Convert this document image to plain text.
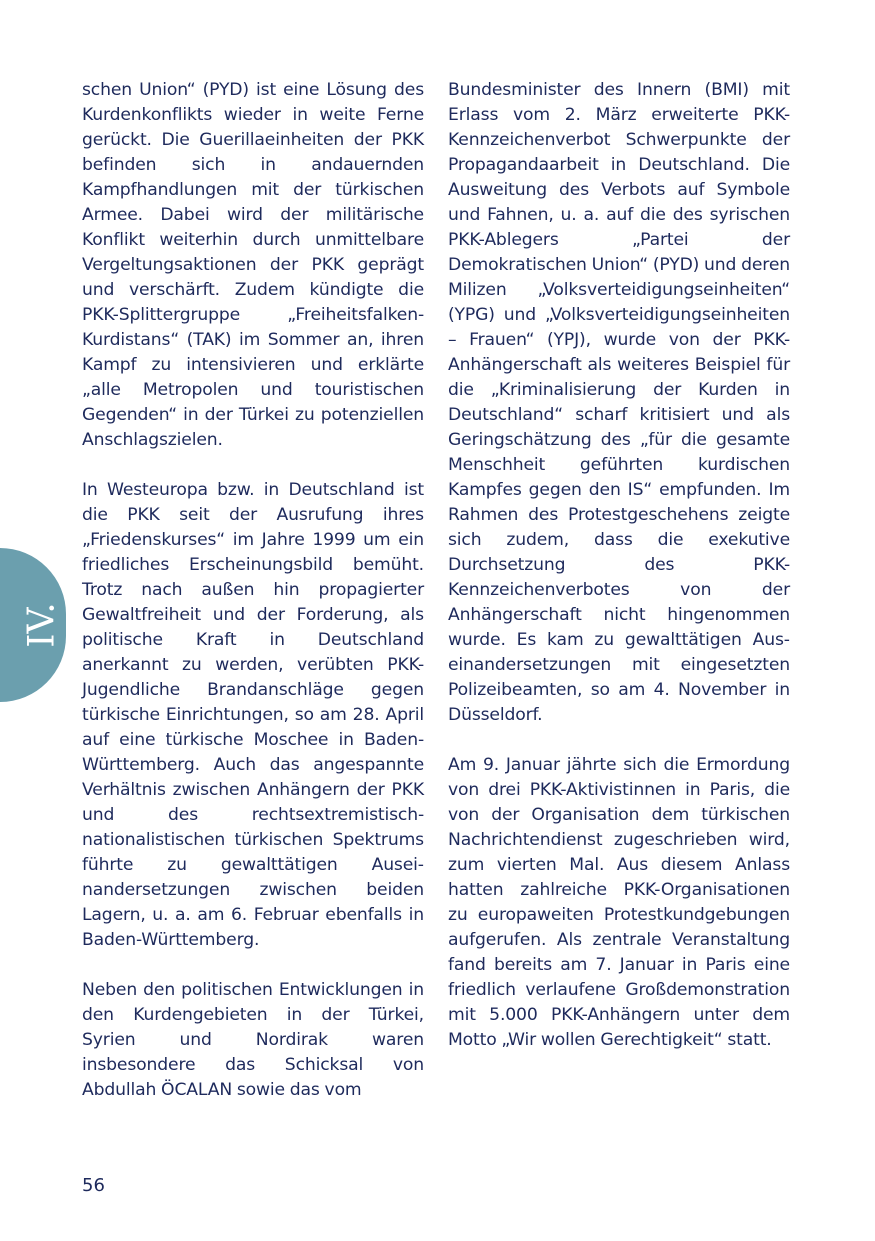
IV.

schen Union“ (PYD) ist eine Lösung des Kurdenkonflikts wieder in weite Ferne gerückt. Die Guerillaeinheiten der PKK befinden sich in andauernden Kampfhandlungen mit der türkischen Armee. Dabei wird der militärische Konflikt weiterhin durch unmittelbare Vergeltungsaktionen der PKK geprägt und verschärft. Zudem kündigte die PKK-Splittergruppe „Freiheitsfalken-Kurdistans“ (TAK) im Sommer an, ihren Kampf zu intensivieren und erklärte „alle Metropolen und touristischen Gegenden“ in der Türkei zu potenziellen Anschlagszielen.

In Westeuropa bzw. in Deutschland ist die PKK seit der Ausrufung ihres „Friedenskurses“ im Jahre 1999 um ein friedliches Erscheinungsbild bemüht. Trotz nach außen hin propagierter Gewaltfreiheit und der Forderung, als politische Kraft in Deutschland anerkannt zu werden, verübten PKK-Jugendliche Brandanschläge gegen türkische Einrichtungen, so am 28. April auf eine türkische Moschee in Baden-Württemberg. Auch das angespannte Verhältnis zwischen Anhängern der PKK und des rechtsextremistisch-nationalistischen türkischen Spektrums führte zu gewalttätigen Auseinandersetzungen zwischen beiden Lagern, u. a. am 6. Februar ebenfalls in Baden-Württemberg.

Neben den politischen Entwicklungen in den Kurdengebieten in der Türkei, Syrien und Nordirak waren insbesondere das Schicksal von Abdullah ÖCALAN sowie das vom

Bundesminister des Innern (BMI) mit Erlass vom 2. März erweiterte PKK-Kennzeichenverbot Schwerpunkte der Propagandaarbeit in Deutschland. Die Ausweitung des Verbots auf Symbole und Fahnen, u. a. auf die des syrischen PKK-Ablegers „Partei der Demokratischen Union“ (PYD) und deren Milizen „Volksverteidigungseinheiten“ (YPG) und „Volksverteidigungseinheiten – Frauen“ (YPJ), wurde von der PKK-Anhängerschaft als weiteres Beispiel für die „Kriminalisierung der Kurden in Deutschland“ scharf kritisiert und als Geringschätzung des „für die gesamte Menschheit geführten kurdischen Kampfes gegen den IS“ empfunden. Im Rahmen des Protestgeschehens zeigte sich zudem, dass die exekutive Durchsetzung des PKK-Kennzeichenverbotes von der Anhängerschaft nicht hingenommen wurde. Es kam zu gewalttätigen Auseinandersetzungen mit eingesetzten Polizeibeamten, so am 4. November in Düsseldorf.

Am 9. Januar jährte sich die Ermordung von drei PKK-Aktivistinnen in Paris, die von der Organisation dem türkischen Nachrichtendienst zugeschrieben wird, zum vierten Mal. Aus diesem Anlass hatten zahlreiche PKK-Organisationen zu europaweiten Protestkundgebungen aufgerufen. Als zentrale Veranstaltung fand bereits am 7. Januar in Paris eine friedlich verlaufene Großdemonstration mit 5.000 PKK-Anhängern unter dem Motto „Wir wollen Gerechtigkeit“ statt.

56
